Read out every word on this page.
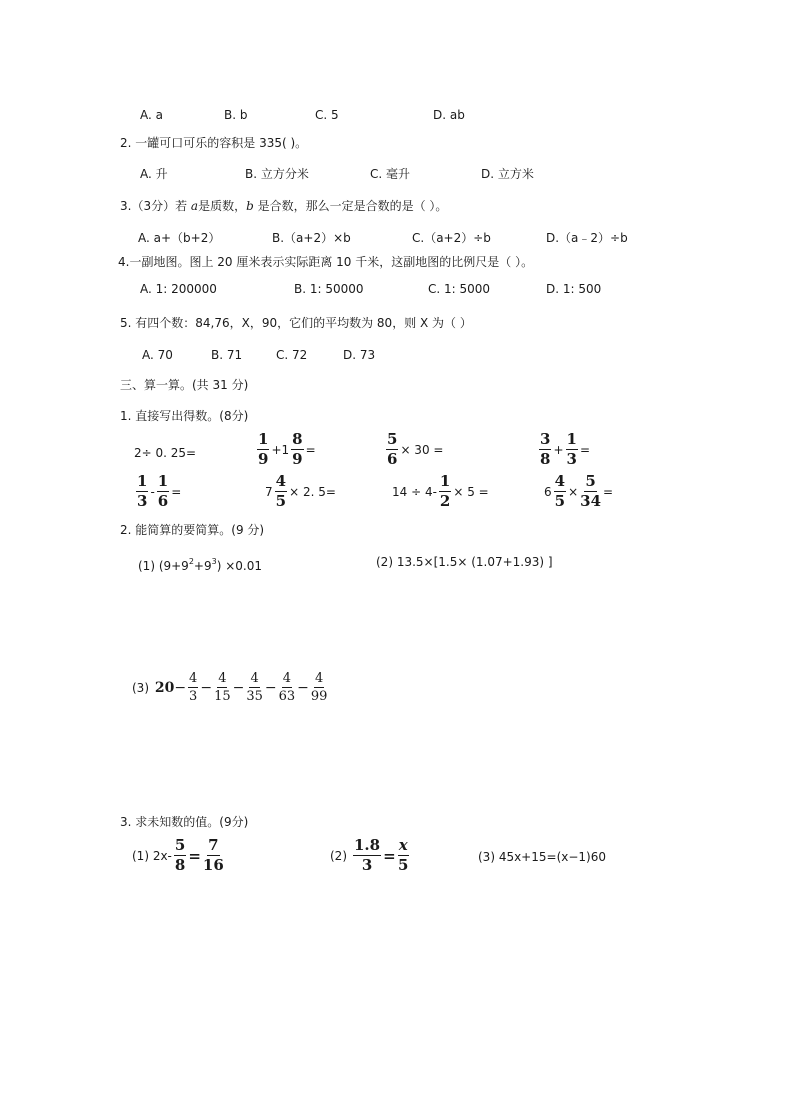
A. a	B. b	C. 5	D. ab
2. 一罐可口可乐的容积是 335( )。
A. 升	B. 立方分米	C. 毫升	D. 立方米
3.（3分）若 a是质数，b 是合数，那么一定是合数的是（ ）。
A. a+（b+2）	B.（a+2）×b	C.（a+2）÷b	D.（a﹣2）÷b
4.一副地图。图上 20 厘米表示实际距离 10 千米，这副地图的比例尺是（ ）。
A. 1: 200000	B. 1: 50000	C. 1: 5000	D. 1: 500
5. 有四个数：84,76，X，90，它们的平均数为 80，则 X 为（ ）
A. 70	B. 71	C. 72	D. 73
三、算一算。(共 31 分)
1. 直接写出得数。(8分)
2÷ 0. 25=	$\frac{1}{9} +1 \frac{8}{9}$ =	$\frac{5}{6} \times 30$ =	$\frac{3}{8} + \frac{1}{3}$ =
$\frac{1}{3} - \frac{1}{6}$ =	$7 \frac{4}{5} \times 2$. 5=	$14 \div 4- \frac{1}{2} \times 5$ =	$6 \frac{4}{5} \times \frac{5}{34}$ =
2. 能简算的要简算。(9 分)
(1) $(9+9^2+9^3) \times 0.01$	(2) 13.5×[1.5× (1.07+1.93) ]
(3) $20- \frac{4}{3} - \frac{4}{15} - \frac{4}{35} - \frac{4}{63} - \frac{4}{99}$
3. 求未知数的值。(9分)
(1) $2x- \frac{5}{8} = \frac{7}{16}$	$(2) \frac{1.8}{3} = \frac{x}{5}$	(3) 45x+15=(x−1)60
